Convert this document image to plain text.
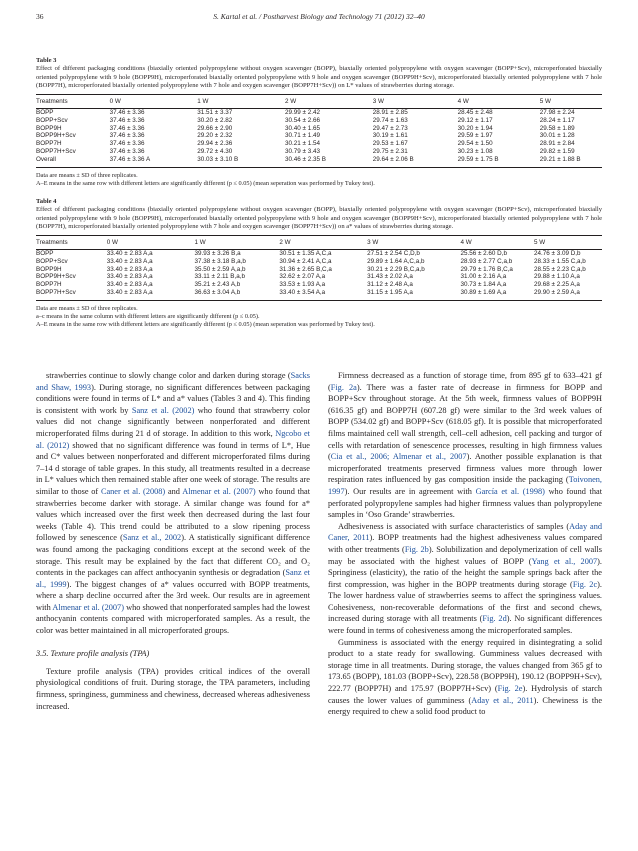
36	S. Kartal et al. / Postharvest Biology and Technology 71 (2012) 32–40
Table 3

Effect of different packaging conditions (biaxially oriented polypropylene without oxygen scavenger (BOPP), biaxially oriented polypropylene with oxygen scavenger (BOPP+Scv), microperforated biaxially oriented polypropylene with 9 hole (BOPP9H), microperforated biaxially oriented polypropylene with 9 hole and oxygen scavenger (BOPP9H+Scv), microperforated biaxially oriented polypropylene with 7 hole (BOPP7H), microperforated biaxially oriented polypropylene with 7 hole and oxygen scavenger (BOPP7H+Scv)) on L* values of strawberries during storage.

Treatments	0 W	1 W	2 W	3 W	4 W	5 W
BOPP	37.46 ± 3.36	31.51 ± 3.37	29.99 ± 2.42	28.91 ± 2.85	28.45 ± 2.48	27.98 ± 2.24
BOPP+Scv	37.46 ± 3.36	30.20 ± 2.82	30.54 ± 2.66	29.74 ± 1.63	29.12 ± 1.17	28.24 ± 1.17
BOPP9H	37.46 ± 3.36	29.66 ± 2.90	30.40 ± 1.65	29.47 ± 2.73	30.20 ± 1.94	29.58 ± 1.89
BOPP9H+Scv	37.46 ± 3.36	29.20 ± 2.32	30.71 ± 1.49	30.19 ± 1.61	29.59 ± 1.97	30.01 ± 1.28
BOPP7H	37.46 ± 3.36	29.94 ± 2.36	30.21 ± 1.54	29.53 ± 1.67	29.54 ± 1.50	28.91 ± 2.84
BOPP7H+Scv	37.46 ± 3.36	29.72 ± 4.30	30.79 ± 3.43	29.75 ± 2.31	30.23 ± 1.08	29.82 ± 1.59
Overall	37.46 ± 3.36 A	30.03 ± 3.10 B	30.46 ± 2.35 B	29.64 ± 2.06 B	29.59 ± 1.75 B	29.21 ± 1.88 B
Data are means ± SD of three replicates.
A–E means in the same row with different letters are significantly different (p ≤ 0.05) (mean seperation was performed by Tukey test).
Table 4

Effect of different packaging conditions (biaxially oriented polypropylene without oxygen scavenger (BOPP), biaxially oriented polypropylene with oxygen scavenger (BOPP+Scv), microperforated biaxially oriented polypropylene with 9 hole (BOPP9H), microperforated biaxially oriented polypropylene with 9 hole and oxygen scavenger (BOPP9H+Scv), microperforated biaxially oriented polypropylene with 7 hole (BOPP7H), microperforated biaxially oriented polypropylene with 7 hole and oxygen scavenger (BOPP7H+Scv)) on a* values of strawberries during storage.

Treatments	0 W	1 W	2 W	3 W	4 W	5 W
BOPP	33.40 ± 2.83 A,a	39.93 ± 3.26 B,a	30.51 ± 1.35 A,C,a	27.51 ± 2.54 C,D,b	25.56 ± 2.60 D,b	24.76 ± 3.09 D,b
BOPP+Scv	33.40 ± 2.83 A,a	37.38 ± 3.18 B,a,b	30.94 ± 2.41 A,C,a	29.89 ± 1.64 A,C,a,b	28.93 ± 2.77 C,a,b	28.33 ± 1.55 C,a,b
BOPP9H	33.40 ± 2.83 A,a	35.50 ± 2.59 A,a,b	31.36 ± 2.65 B,C,a	30.21 ± 2.29 B,C,a,b	29.79 ± 1.76 B,C,a	28.55 ± 2.23 C,a,b
BOPP9H+Scv	33.40 ± 2.83 A,a	33.11 ± 2.11 B,a,b	32.62 ± 2.07 A,a	31.43 ± 2.02 A,a	31.00 ± 2.16 A,a	29.88 ± 1.10 A,a
BOPP7H	33.40 ± 2.83 A,a	35.21 ± 2.43 A,b	33.53 ± 1.93 A,a	31.12 ± 2.48 A,a	30.73 ± 1.84 A,a	29.68 ± 2.25 A,a
BOPP7H+Scv	33.40 ± 2.83 A,a	36.63 ± 3.04 A,b	33.40 ± 3.54 A,a	31.15 ± 1.95 A,a	30.89 ± 1.69 A,a	29.90 ± 2.59 A,a
Data are means ± SD of three replicates.
a–c means in the same column with different letters are significantly different (p ≤ 0.05).
A–E means in the same row with different letters are significantly different (p ≤ 0.05) (mean seperation was performed by Tukey test).

strawberries continue to slowly change color and darken during storage (Sacks and Shaw, 1993). During storage, no significant differences between packaging conditions were found in terms of L* and a* values (Tables 3 and 4). This finding is consistent with work by Sanz et al. (2002) who found that strawberry color values did not change significantly between nonperforated and different microperforated films during 21 d of storage. In addition to this work, Ngcobo et al. (2012) showed that no significant difference was found in terms of L*, Hue and C* values between nonperforated and different microperforated films during 7–14 d storage of table grapes. In this study, all treatments resulted in a decrease in L* values which then remained stable after one week of storage. The results are similar to those of Caner et al. (2008) and Almenar et al. (2007) who found that strawberries become darker with storage. A similar change was found for a* values which increased over the first week then decreased during the last four weeks (Table 4). This trend could be attributed to a slow ripening process followed by senescence (Sanz et al., 2002). A statistically significant difference was found among the packaging conditions except at the second week of the storage. This result may be explained by the fact that different CO₂ and O₂ contents in the packages can affect anthocyanin synthesis or degradation (Sanz et al., 1999). The biggest changes of a* values occurred with BOPP treatments, where a sharp decline occurred after the 3rd week. Our results are in agreement with Almenar et al. (2007) who showed that nonperforated samples had the lowest anthocyanin contents compared with microperforated samples. As a result, the color was better maintained in all microperforated groups.

3.5. Texture profile analysis (TPA)

Texture profile analysis (TPA) provides critical indices of the overall physiological conditions of fruit. During storage, the TPA parameters, including firmness, springiness, gumminess and chewiness, decreased whereas adhesiveness increased.

Firmness decreased as a function of storage time, from 895 gf to 633–421 gf (Fig. 2a). There was a faster rate of decrease in firmness for BOPP and BOPP+Scv throughout storage. At the 5th week, firmness values of BOPP9H (616.35 gf) and BOPP7H (607.28 gf) were similar to the 3rd week values of BOPP (534.02 gf) and BOPP+Scv (618.05 gf). It is possible that microperforated films maintained cell wall strength, cell–cell adhesion, cell packing and turgor of cells with retardation of senescence processes, resulting in high firmness values (Cia et al., 2006; Almenar et al., 2007). Another possible explanation is that microperforated treatments preserved firmness values more through lower respiration rates influenced by gas composition inside the packaging (Toivonen, 1997). Our results are in agreement with García et al. (1998) who found that perforated polypropylene samples had higher firmness values than polypropylene samples in ‘Oso Grande’ strawberries.

Adhesiveness is associated with surface characteristics of samples (Aday and Caner, 2011). BOPP treatments had the highest adhesiveness values compared with other treatments (Fig. 2b). Solubilization and depolymerization of cell walls may be associated with the highest values of BOPP (Yang et al., 2007). Springiness (elasticity), the ratio of the height the sample springs back after the first compression, was higher in the BOPP treatments during storage (Fig. 2c). The lower hardness value of strawberries seems to affect the springiness values. Cohesiveness, non-recoverable deformations of the first and second chews, increased during storage with all treatments (Fig. 2d). No significant differences were found in terms of cohesiveness among the microperforated samples.

Gumminess is associated with the energy required in disintegrating a solid product to a state ready for swallowing. Gumminess values decreased with storage time in all treatments. During storage, the values changed from 365 gf to 173.65 (BOPP), 181.03 (BOPP+Scv), 228.58 (BOPP9H), 190.12 (BOPP9H+Scv), 222.77 (BOPP7H) and 175.97 (BOPP7H+Scv) (Fig. 2e). Hydrolysis of starch causes the lower values of gumminess (Aday et al., 2011). Chewiness is the energy required to chew a solid food product to
